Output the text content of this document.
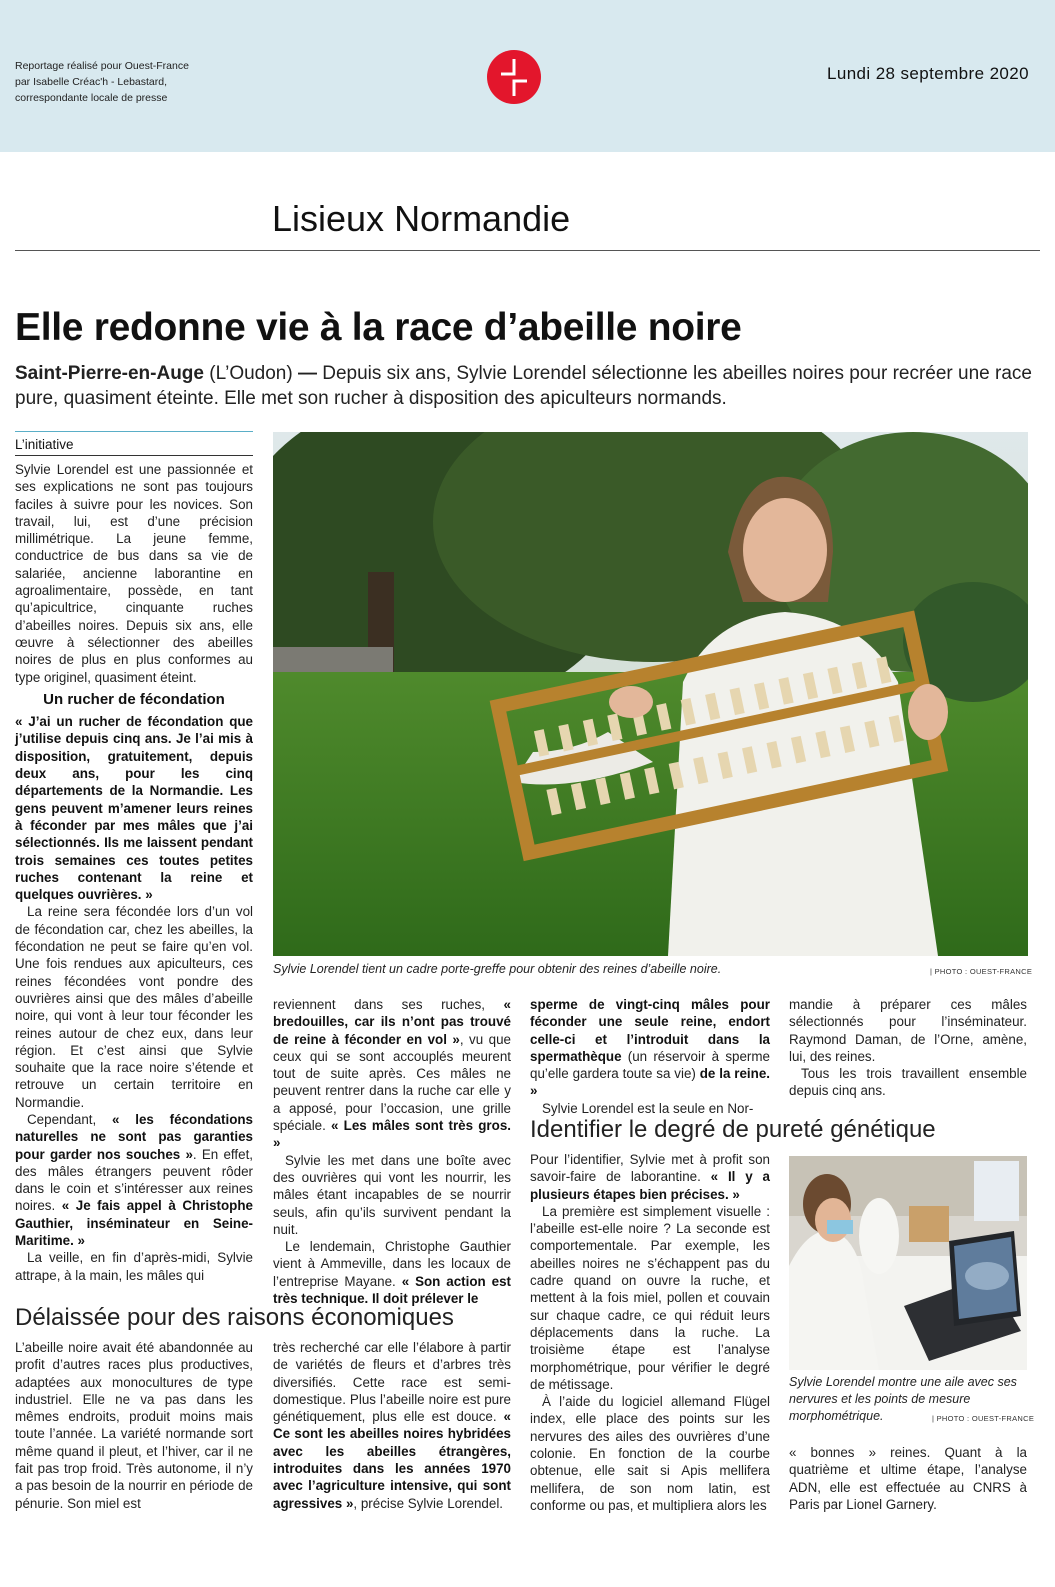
Reportage réalisé pour Ouest-France
par Isabelle Créac'h - Lebastard,
correspondante locale de presse
Lundi 28 septembre 2020
Lisieux Normandie
Elle redonne vie à la race d’abeille noire
Saint-Pierre-en-Auge (L’Oudon) — Depuis six ans, Sylvie Lorendel sélectionne les abeilles noires pour recréer une race pure, quasiment éteinte. Elle met son rucher à disposition des apiculteurs normands.
L’initiative

Sylvie Lorendel est une passionnée et ses explications ne sont pas toujours faciles à suivre pour les novices. Son travail, lui, est d’une précision millimétrique. La jeune femme, conductrice de bus dans sa vie de salariée, ancienne laborantine en agroalimentaire, possède, en tant qu’apicultrice, cinquante ruches d’abeilles noires. Depuis six ans, elle œuvre à sélectionner des abeilles noires de plus en plus conformes au type originel, quasiment éteint.

Un rucher de fécondation

« J’ai un rucher de fécondation que j’utilise depuis cinq ans. Je l’ai mis à disposition, gratuitement, depuis deux ans, pour les cinq départements de la Normandie. Les gens peuvent m’amener leurs reines à féconder par mes mâles que j’ai sélectionnés. Ils me laissent pendant trois semaines ces toutes petites ruches contenant la reine et quelques ouvrières. »

La reine sera fécondée lors d’un vol de fécondation car, chez les abeilles, la fécondation ne peut se faire qu’en vol. Une fois rendues aux apiculteurs, ces reines fécondées vont pondre des ouvrières ainsi que des mâles d’abeille noire, qui vont à leur tour féconder les reines autour de chez eux, dans leur région. Et c’est ainsi que Sylvie souhaite que la race noire s’étende et retrouve un certain territoire en Normandie.

Cependant, « les fécondations naturelles ne sont pas garanties pour garder nos souches ». En effet, des mâles étrangers peuvent rôder dans le coin et s’intéresser aux reines noires. « Je fais appel à Christophe Gauthier, inséminateur en Seine-Maritime. »

La veille, en fin d’après-midi, Sylvie attrape, à la main, les mâles qui

Sylvie Lorendel tient un cadre porte-greffe pour obtenir des reines d’abeille noire.	| PHOTO : OUEST-FRANCE

reviennent dans ses ruches, « bredouilles, car ils n’ont pas trouvé de reine à féconder en vol », vu que ceux qui se sont accouplés meurent tout de suite après. Ces mâles ne peuvent rentrer dans la ruche car elle y a apposé, pour l’occasion, une grille spéciale. « Les mâles sont très gros. »

Sylvie les met dans une boîte avec des ouvrières qui vont les nourrir, les mâles étant incapables de se nourrir seuls, afin qu’ils survivent pendant la nuit.

Le lendemain, Christophe Gauthier vient à Ammeville, dans les locaux de l’entreprise Mayane. « Son action est très technique. Il doit prélever le

sperme de vingt-cinq mâles pour féconder une seule reine, endort celle-ci et l’introduit dans la spermathèque (un réservoir à sperme qu’elle gardera toute sa vie) de la reine. »

Sylvie Lorendel est la seule en Nor-

mandie à préparer ces mâles sélectionnés pour l’inséminateur. Raymond Daman, de l’Orne, amène, lui, des reines.

Tous les trois travaillent ensemble depuis cinq ans.

Identifier le degré de pureté génétique

Pour l’identifier, Sylvie met à profit son savoir-faire de laborantine. « Il y a plusieurs étapes bien précises. »

La première est simplement visuelle : l’abeille est-elle noire ? La seconde est comportementale. Par exemple, les abeilles noires ne s’échappent pas du cadre quand on ouvre la ruche, et mettent à la fois miel, pollen et couvain sur chaque cadre, ce qui réduit leurs déplacements dans la ruche. La troisième étape est l’analyse morphométrique, pour vérifier le degré de métissage.

À l’aide du logiciel allemand Flügel index, elle place des points sur les nervures des ailes des ouvrières d’une colonie. En fonction de la courbe obtenue, elle sait si Apis mellifera mellifera, de son nom latin, est conforme ou pas, et multipliera alors les

Sylvie Lorendel montre une aile avec ses nervures et les points de mesure morphométrique.	| PHOTO : OUEST-FRANCE

« bonnes » reines. Quant à la quatrième et ultime étape, l’analyse ADN, elle est effectuée au CNRS à Paris par Lionel Garnery.

Délaissée pour des raisons économiques

L’abeille noire avait été abandonnée au profit d’autres races plus productives, adaptées aux monocultures de type industriel. Elle ne va pas dans les mêmes endroits, produit moins mais toute l’année. La variété normande sort même quand il pleut, et l’hiver, car il ne fait pas trop froid. Très autonome, il n’y a pas besoin de la nourrir en période de pénurie. Son miel est

très recherché car elle l’élabore à partir de variétés de fleurs et d’arbres très diversifiés. Cette race est semi-domestique. Plus l’abeille noire est pure génétiquement, plus elle est douce. « Ce sont les abeilles noires hybridées avec les abeilles étrangères, introduites dans les années 1970 avec l’agriculture intensive, qui sont agressives », précise Sylvie Lorendel.
